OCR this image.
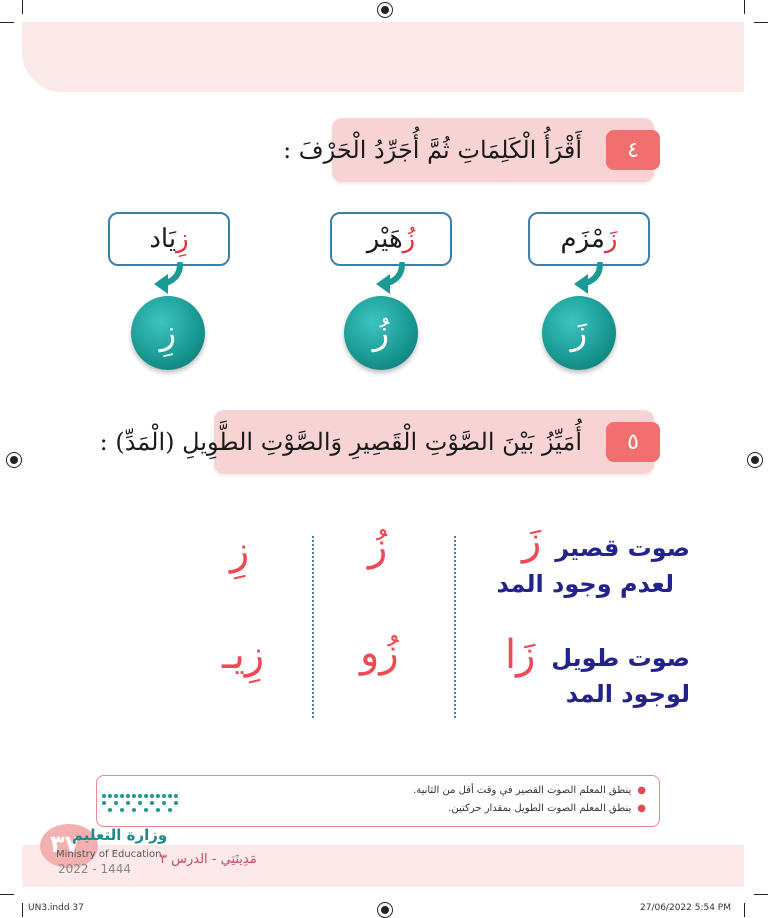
٤
أَقْرَأُ الْكَلِمَاتِ ثُمَّ أُجَرِّدُ الْحَرْفَ :
زَ
مْزَم
زُ
هَيْر
زِ
يَاد
زَ
زُ
زِ
٥
أُمَيِّزُ بَيْنَ الصَّوْتِ الْقَصِيرِ وَالصَّوْتِ الطَّوِيلِ (الْمَدِّ) :
صوت قصير
لعدم وجود المد
زَ
زُ
زِ
صوت طويل
لوجود المد
زَا
زُو
زِيـ
●ينطق المعلم الصوت القصير في وقت أقل من الثانية.
●ينطق المعلم الصوت الطويل بمقدار حركتين.
٣٧
وزارة التعليم
Ministry of Education
2022 - 1444
مَدِينَتِي - الدرس ٣
UN3.indd 37	27/06/2022 5:54 PM
